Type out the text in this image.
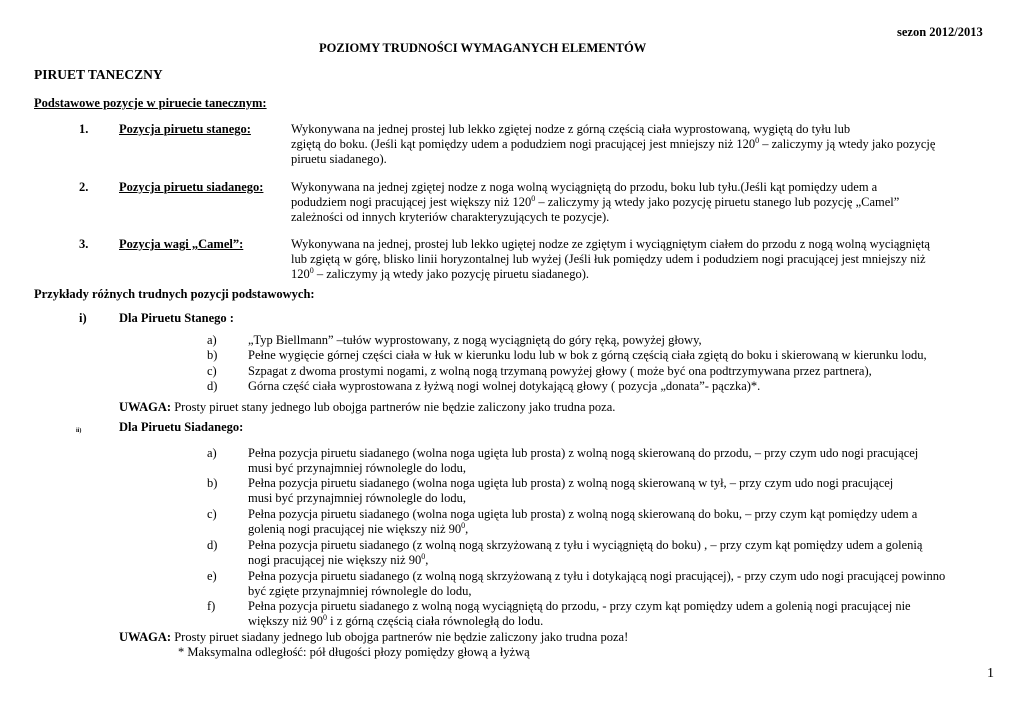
sezon 2012/2013
POZIOMY TRUDNOŚCI WYMAGANYCH ELEMENTÓW
PIRUET TANECZNY
Podstawowe pozycje w piruecie tanecznym:
1. Pozycja piruetu stanego:	Wykonywana na jednej prostej lub lekko zgiętej nodze z górną częścią ciała wyprostowaną, wygiętą do tyłu lub
zgiętą do boku. (Jeśli kąt pomiędzy udem a podudziem nogi pracującej jest mniejszy niż $120^0$ – zaliczymy ją wtedy jako pozycję
piruetu siadanego).
2. Pozycja piruetu siadanego: Wykonywana na jednej zgiętej nodze z noga wolną wyciągniętą do przodu, boku lub tyłu.(Jeśli kąt pomiędzy udem a
podudziem nogi pracującej jest większy niż $120^0$ – zaliczymy ją wtedy jako pozycję piruetu stanego lub pozycję „Camel”
zależności od innych kryteriów charakteryzujących te pozycje).
3. Pozycja wagi „Camel”:	Wykonywana na jednej, prostej lub lekko ugiętej nodze ze zgiętym i wyciągniętym ciałem do przodu z nogą wolną wyciągniętą
lub zgiętą w górę, blisko linii horyzontalnej lub wyżej (Jeśli łuk pomiędzy udem i podudziem nogi pracującej jest mniejszy niż
$120^0$ – zaliczymy ją wtedy jako pozycję piruetu siadanego).
Przykłady różnych trudnych pozycji podstawowych:
i)	Dla Piruetu Stanego :
a)	„Typ Biellmann” –tułów wyprostowany, z nogą wyciągniętą do góry ręką, powyżej głowy,
b) Pełne wygięcie górnej części ciała w łuk w kierunku lodu lub w bok z górną częścią ciała zgiętą do boku i skierowaną w kierunku lodu,
c)	Szpagat z dwoma prostymi nogami, z wolną nogą trzymaną powyżej głowy ( może być ona podtrzymywana przez partnera),
d) Górna część ciała wyprostowana z łyżwą nogi wolnej dotykającą głowy ( pozycja „donata”- pączka)*.
UWAGA: Prosty piruet stany jednego lub obojga partnerów nie będzie zaliczony jako trudna poza.
ii)	Dla Piruetu Siadanego:
a)	Pełna pozycja piruetu siadanego (wolna noga ugięta lub prosta) z wolną nogą skierowaną do przodu, – przy czym udo nogi pracującej
musi być przynajmniej równolegle do lodu,
b) Pełna pozycja piruetu siadanego (wolna noga ugięta lub prosta) z wolną nogą skierowaną w tył, – przy czym udo nogi pracującej
musi być przynajmniej równolegle do lodu,
c)	Pełna pozycja piruetu siadanego (wolna noga ugięta lub prosta) z wolną nogą skierowaną do boku, – przy czym kąt pomiędzy udem a
golenią nogi pracującej nie większy niż $90^0$,
d) Pełna pozycja piruetu siadanego (z wolną nogą skrzyżowaną z tyłu i wyciągniętą do boku) , – przy czym kąt pomiędzy udem a golenią
nogi pracującej nie większy niż $90^0$,
e)	Pełna pozycja piruetu siadanego (z wolną nogą skrzyżowaną z tyłu i dotykającą nogi pracującej), - przy czym udo nogi pracującej powinno
być zgięte przynajmniej równolegle do lodu,
f)	Pełna pozycja piruetu siadanego z wolną nogą wyciągniętą do przodu, - przy czym kąt pomiędzy udem a golenią nogi pracującej nie
większy niż $90^0$ i z górną częścią ciała równoległą do lodu.
UWAGA: Prosty piruet siadany jednego lub obojga partnerów nie będzie zaliczony jako trudna poza!
* Maksymalna odległość: pół długości płozy pomiędzy głową a łyżwą
1
